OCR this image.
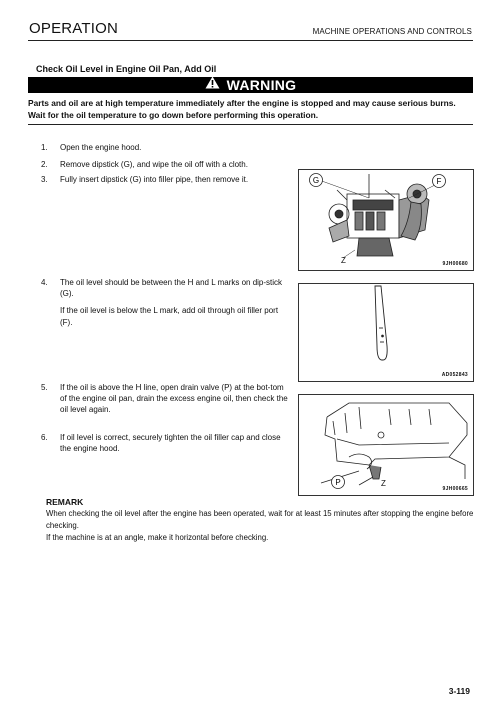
OPERATION	MACHINE OPERATIONS AND CONTROLS
Check Oil Level in Engine Oil Pan, Add Oil
WARNING
Parts and oil are at high temperature immediately after the engine is stopped and may cause serious burns. Wait for the oil temperature to go down before performing this operation.
1.	Open the engine hood.
2.	Remove dipstick (G), and wipe the oil off with a cloth.
3.	Fully insert dipstick (G) into filler pipe, then remove it.
4.	The oil level should be between the H and L marks on dip-stick (G).

If the oil level is below the L mark, add oil through oil filler port (F).

5.	If the oil is above the H line, open drain valve (P) at the bot-tom of the engine oil pan, drain the excess engine oil, then check the oil level again.
6.	If oil level is correct, securely tighten the oil filler cap and close the engine hood.
G	F
Z	9JH00680
AD052843
P	Z
9JH00665
REMARK
When checking the oil level after the engine has been operated, wait for at least 15 minutes after stopping the engine before checking.
If the machine is at an angle, make it horizontal before checking.
3-119
